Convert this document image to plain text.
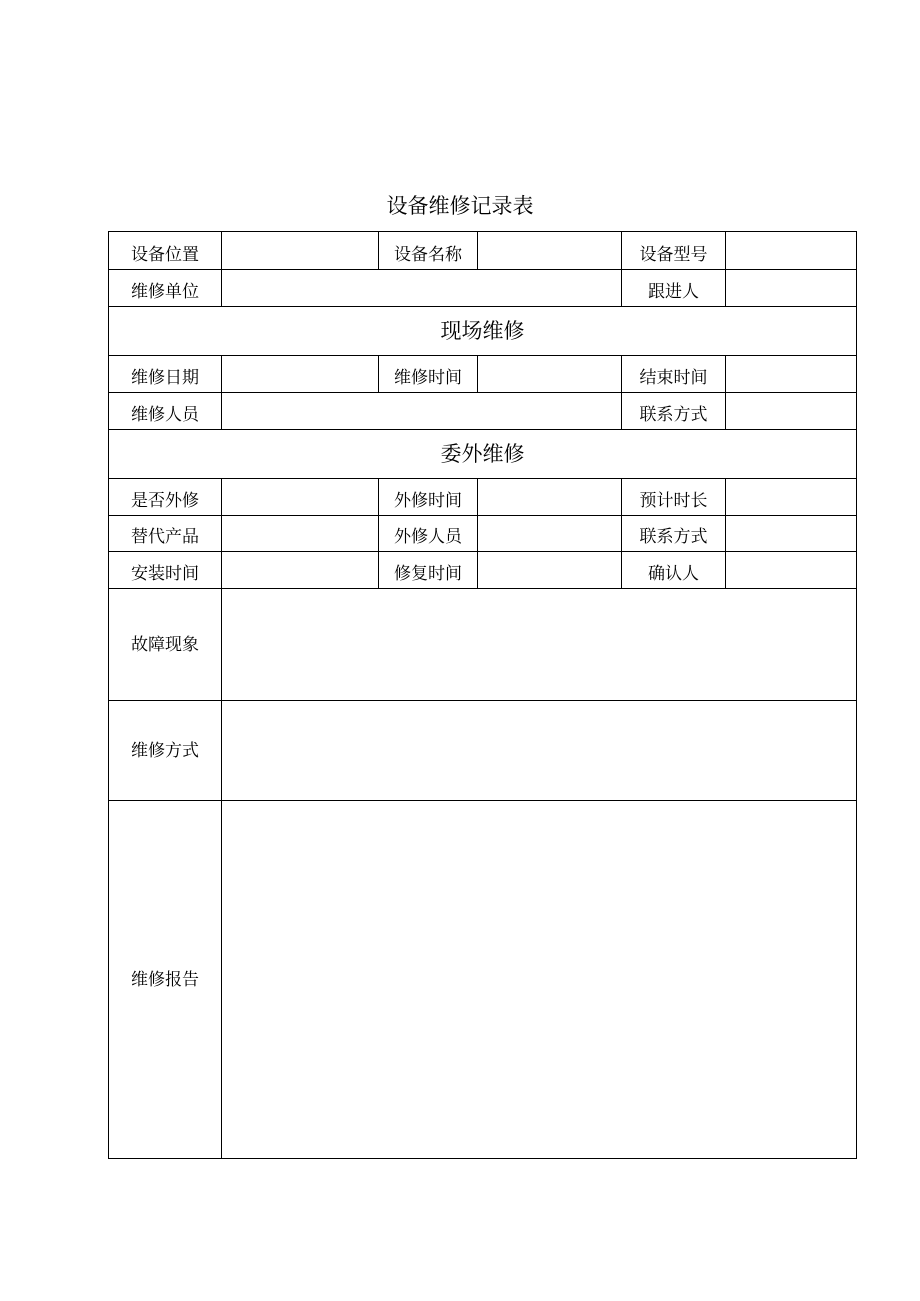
设备维修记录表
设备位置		设备名称		设备型号	
维修单位				跟进人	
现场维修					
维修日期		维修时间		结束时间	
维修人员				联系方式	
委外维修					
是否外修		外修时间		预计时长	
替代产品		外修人员		联系方式	
安装时间		修复时间		确认人	
故障现象					
维修方式					
维修报告					
